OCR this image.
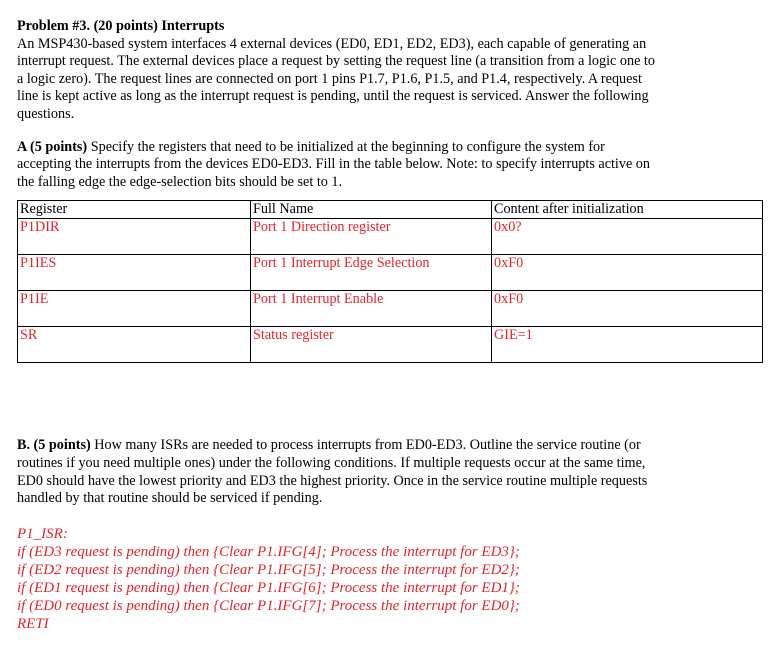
Problem #3. (20 points) Interrupts
An MSP430-based system interfaces 4 external devices (ED0, ED1, ED2, ED3), each capable of generating an
interrupt request. The external devices place a request by setting the request line (a transition from a logic one to
a logic zero). The request lines are connected on port 1 pins P1.7, P1.6, P1.5, and P1.4, respectively. A request
line is kept active as long as the interrupt request is pending, until the request is serviced. Answer the following
questions.
A (5 points) Specify the registers that need to be initialized at the beginning to configure the system for
accepting the interrupts from the devices ED0-ED3. Fill in the table below. Note: to specify interrupts active on
the falling edge the edge-selection bits should be set to 1.
Register	Full Name	Content after initialization
P1DIR	Port 1 Direction register	0x0?
P1IES	Port 1 Interrupt Edge Selection	0xF0
P1IE	Port 1 Interrupt Enable	0xF0
SR	Status register	GIE=1
B. (5 points) How many ISRs are needed to process interrupts from ED0-ED3. Outline the service routine (or
routines if you need multiple ones) under the following conditions. If multiple requests occur at the same time,
ED0 should have the lowest priority and ED3 the highest priority. Once in the service routine multiple requests
handled by that routine should be serviced if pending.
P1_ISR:
if (ED3 request is pending) then {Clear P1.IFG[4]; Process the interrupt for ED3};
if (ED2 request is pending) then {Clear P1.IFG[5]; Process the interrupt for ED2};
if (ED1 request is pending) then {Clear P1.IFG[6]; Process the interrupt for ED1};
if (ED0 request is pending) then {Clear P1.IFG[7]; Process the interrupt for ED0};
RETI
